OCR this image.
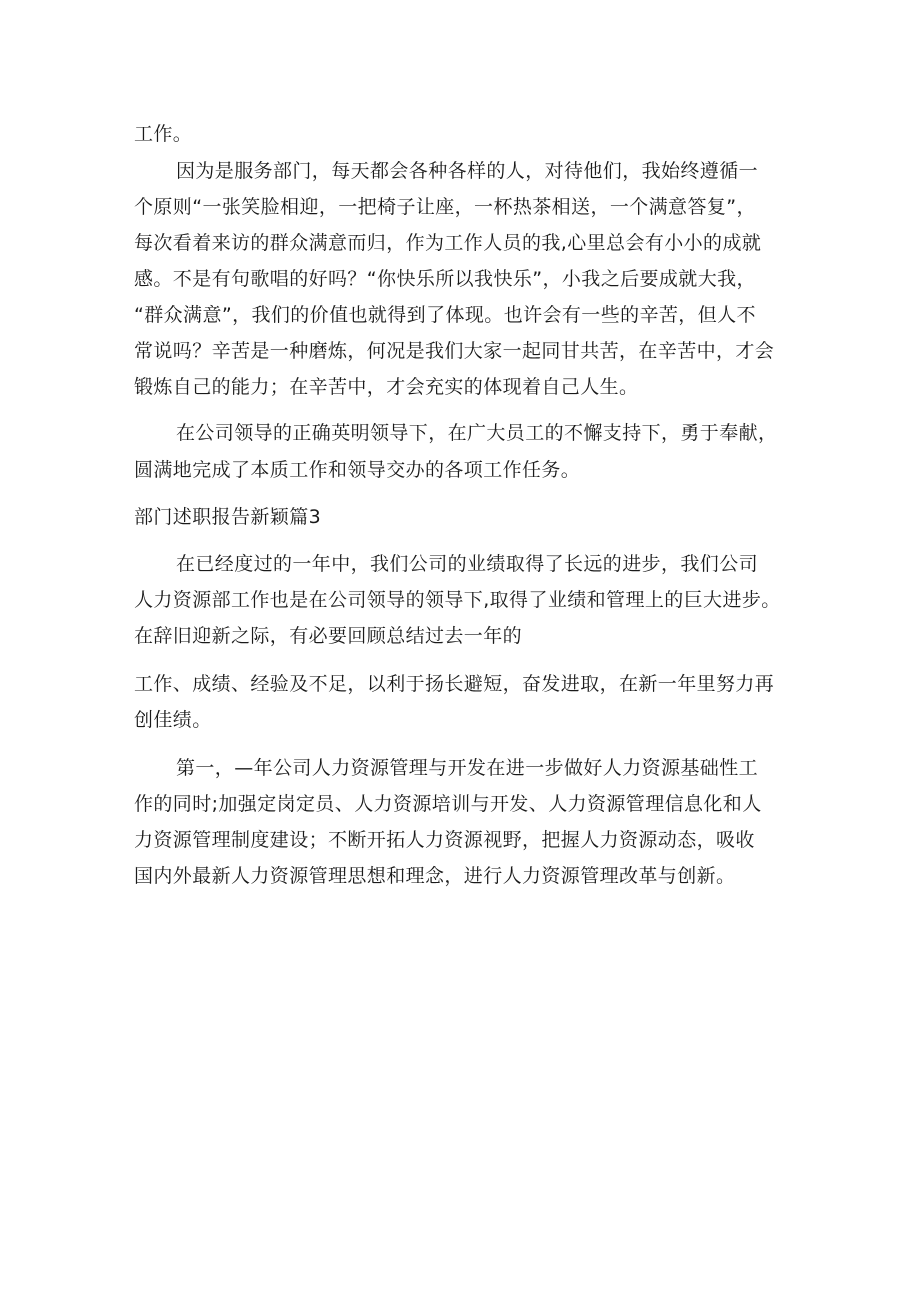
工作。
因为是服务部门，每天都会各种各样的人，对待他们，我始终遵循一
个原则“一张笑脸相迎，一把椅子让座，一杯热茶相送，一个满意答复”，
每次看着来访的群众满意而归，作为工作人员的我,心里总会有小小的成就
感。不是有句歌唱的好吗？“你快乐所以我快乐”，小我之后要成就大我，
“群众满意”，我们的价值也就得到了体现。也许会有一些的辛苦，但人不
常说吗？辛苦是一种磨炼，何况是我们大家一起同甘共苦，在辛苦中，才会
锻炼自己的能力；在辛苦中，才会充实的体现着自己人生。
在公司领导的正确英明领导下，在广大员工的不懈支持下，勇于奉献，
圆满地完成了本质工作和领导交办的各项工作任务。
部门述职报告新颖篇3
在已经度过的一年中，我们公司的业绩取得了长远的进步，我们公司
人力资源部工作也是在公司领导的领导下,取得了业绩和管理上的巨大进步。
在辞旧迎新之际，有必要回顾总结过去一年的
工作、成绩、经验及不足，以利于扬长避短，奋发进取，在新一年里努力再
创佳绩。
第一，—年公司人力资源管理与开发在进一步做好人力资源基础性工
作的同时;加强定岗定员、人力资源培训与开发、人力资源管理信息化和人
力资源管理制度建设；不断开拓人力资源视野，把握人力资源动态，吸收
国内外最新人力资源管理思想和理念，进行人力资源管理改革与创新。
